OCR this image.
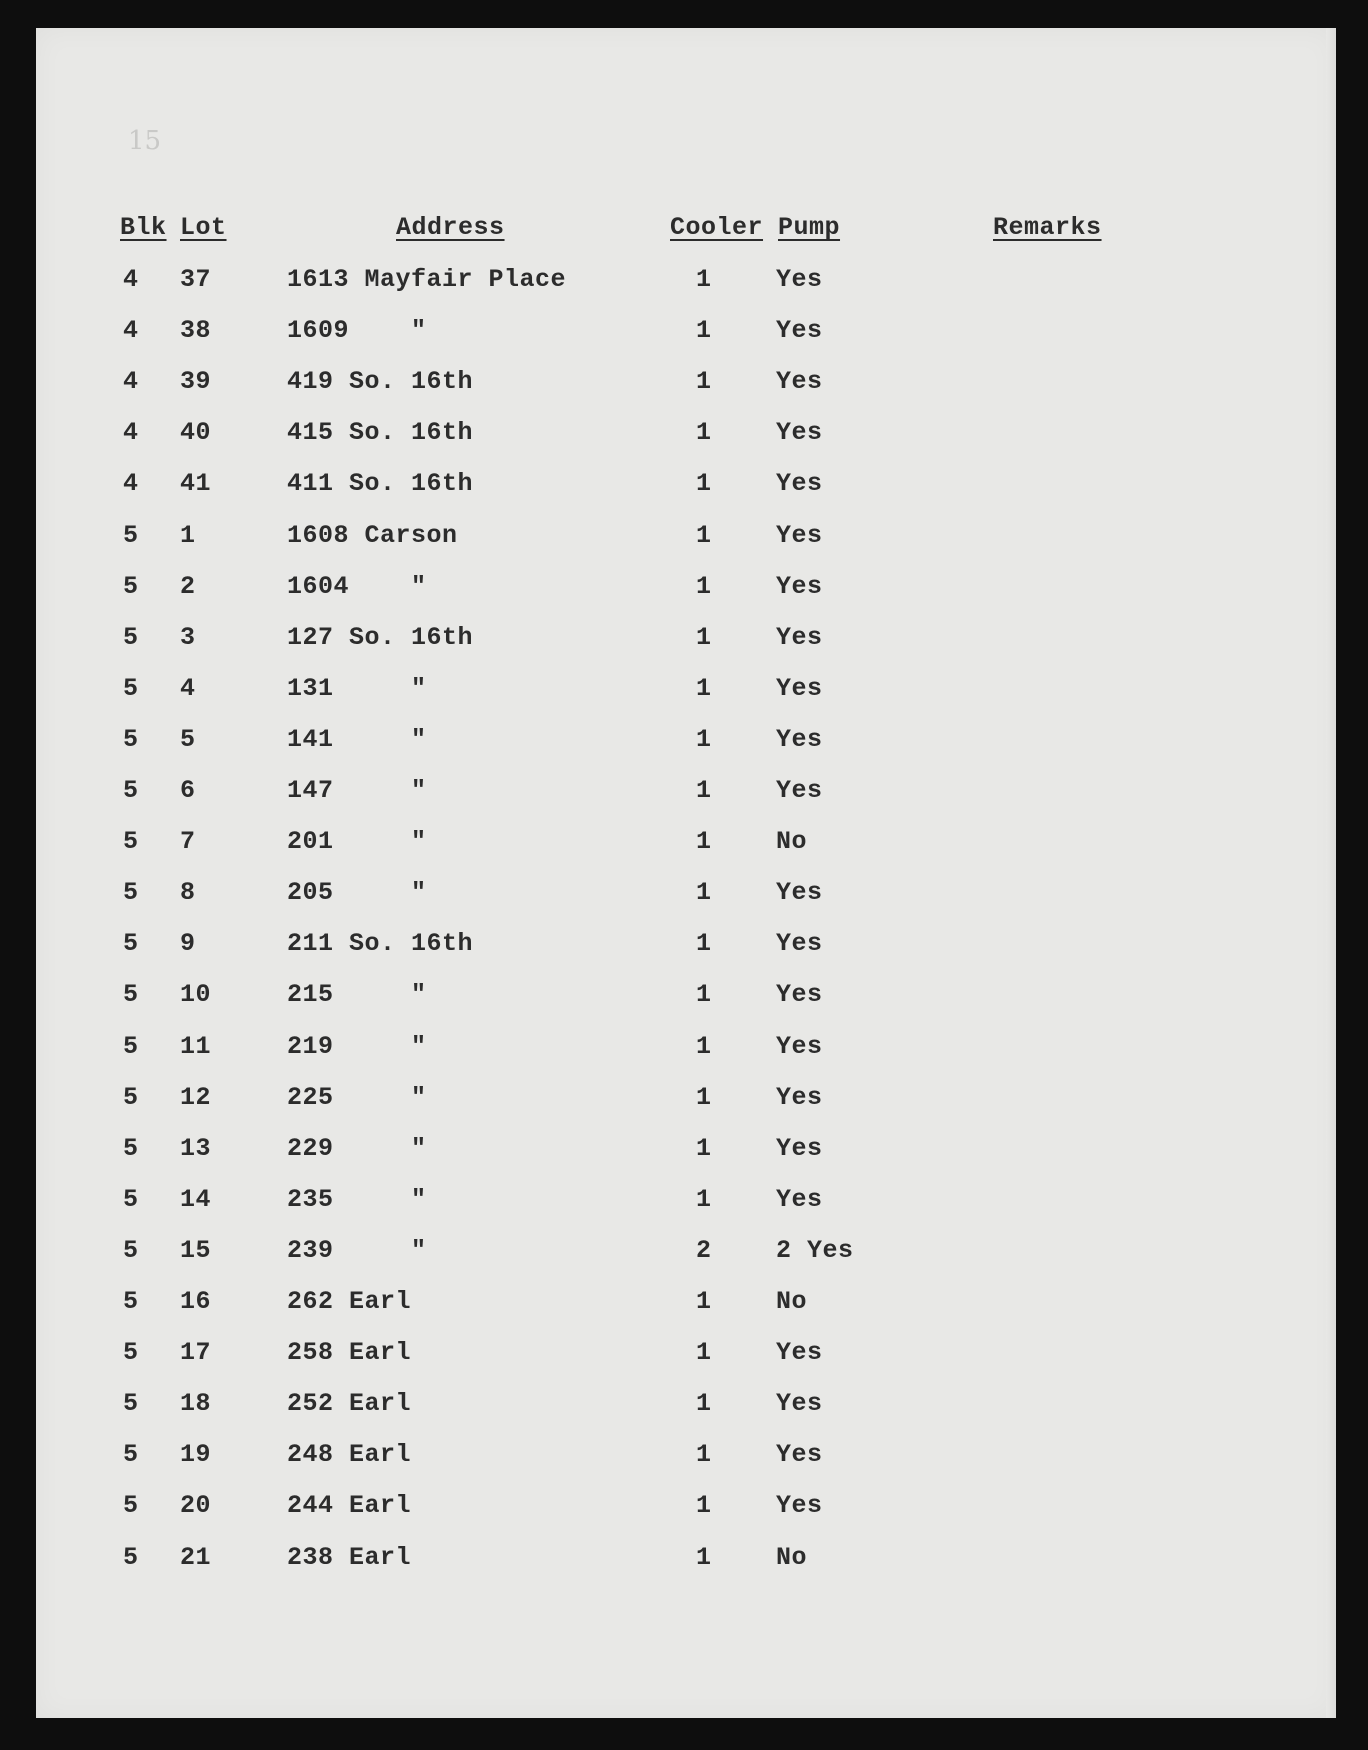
15
Blk Lot	Address	Cooler Pump	Remarks
4 37	1613 Mayfair Place	1	Yes
4 38	1609    "	1	Yes
4 39	419 So. 16th	1	Yes
4 40	415 So. 16th	1	Yes
4 41	411 So. 16th	1	Yes
5 1	1608 Carson	1	Yes
5 2	1604    "	1	Yes
5 3	127 So. 16th	1	Yes
5 4	131     "	1	Yes
5 5	141     "	1	Yes
5 6	147     "	1	Yes
5 7	201     "	1	No
5 8	205     "	1	Yes
5 9	211 So. 16th	1	Yes
5 10	215     "	1	Yes
5 11	219     "	1	Yes
5 12	225     "	1	Yes
5 13	229     "	1	Yes
5 14	235     "	1	Yes
5 15	239     "	2	2 Yes
5 16	262 Earl	1	No
5 17	258 Earl	1	Yes
5 18	252 Earl	1	Yes
5 19	248 Earl	1	Yes
5 20	244 Earl	1	Yes
5 21	238 Earl	1	No
